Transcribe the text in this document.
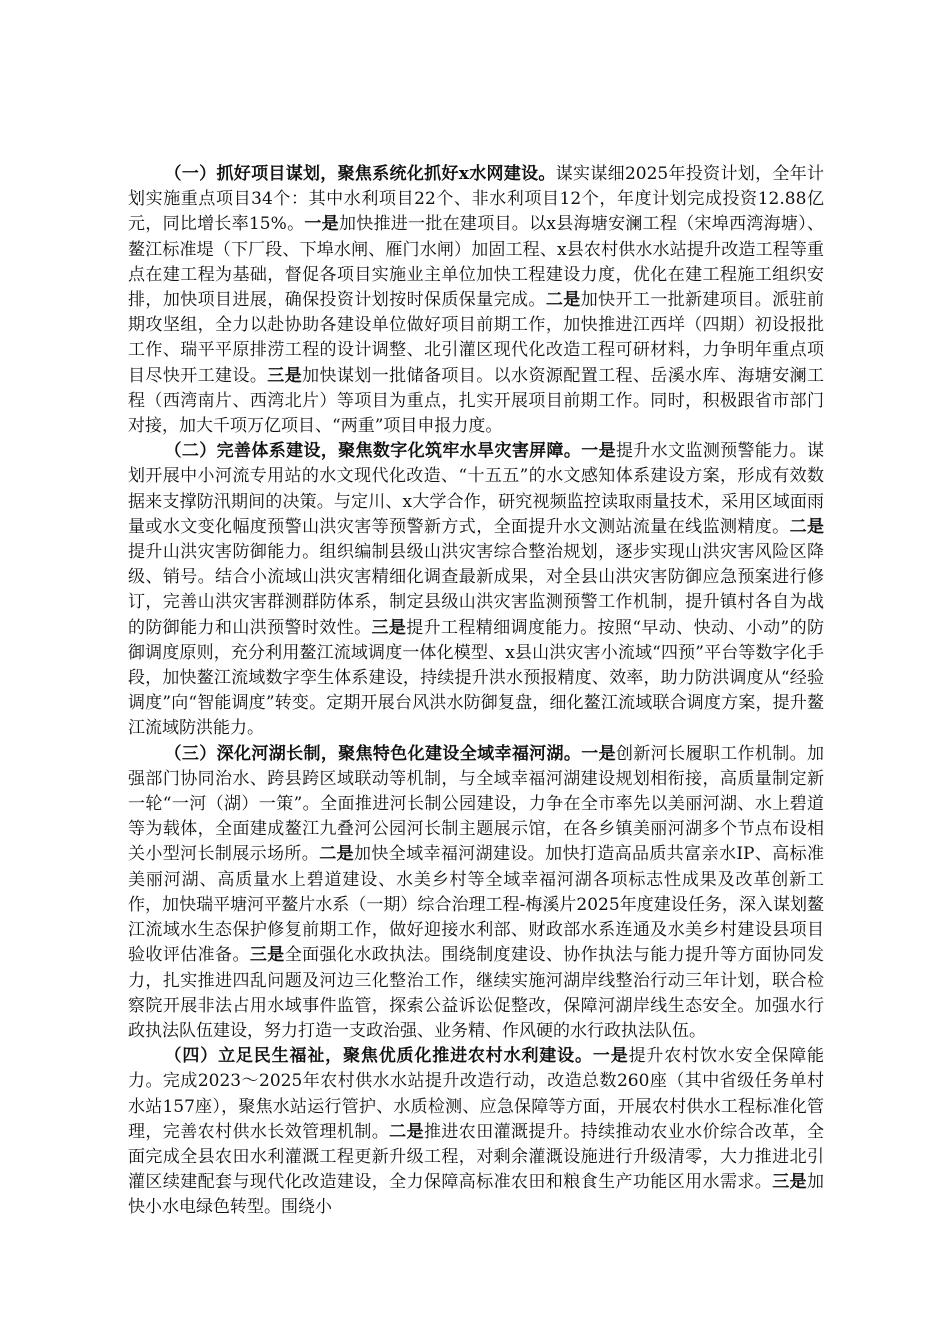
（一）抓好项目谋划，聚焦系统化抓好x水网建设。谋实谋细2025年投资计划，全年计划实施重点项目34个：其中水利项目22个、非水利项目12个，年度计划完成投资12.88亿元，同比增长率15%。一是加快推进一批在建项目。以x县海塘安澜工程（宋埠西湾海塘）、鳌江标准堤（下厂段、下埠水闸、雁门水闸）加固工程、x县农村供水水站提升改造工程等重点在建工程为基础，督促各项目实施业主单位加快工程建设力度，优化在建工程施工组织安排，加快项目进展，确保投资计划按时保质保量完成。二是加快开工一批新建项目。派驻前期攻坚组，全力以赴协助各建设单位做好项目前期工作，加快推进江西垟（四期）初设报批工作、瑞平平原排涝工程的设计调整、北引灌区现代化改造工程可研材料，力争明年重点项目尽快开工建设。三是加快谋划一批储备项目。以水资源配置工程、岳溪水库、海塘安澜工程（西湾南片、西湾北片）等项目为重点，扎实开展项目前期工作。同时，积极跟省市部门对接，加大千项万亿项目、“两重”项目申报力度。

（二）完善体系建设，聚焦数字化筑牢水旱灾害屏障。一是提升水文监测预警能力。谋划开展中小河流专用站的水文现代化改造、“十五五”的水文感知体系建设方案，形成有效数据来支撑防汛期间的决策。与定川、x大学合作，研究视频监控读取雨量技术，采用区域面雨量或水文变化幅度预警山洪灾害等预警新方式，全面提升水文测站流量在线监测精度。二是提升山洪灾害防御能力。组织编制县级山洪灾害综合整治规划，逐步实现山洪灾害风险区降级、销号。结合小流域山洪灾害精细化调查最新成果，对全县山洪灾害防御应急预案进行修订，完善山洪灾害群测群防体系，制定县级山洪灾害监测预警工作机制，提升镇村各自为战的防御能力和山洪预警时效性。三是提升工程精细调度能力。按照“早动、快动、小动”的防御调度原则，充分利用鳌江流域调度一体化模型、x县山洪灾害小流域“四预”平台等数字化手段，加快鳌江流域数字孪生体系建设，持续提升洪水预报精度、效率，助力防洪调度从“经验调度”向“智能调度”转变。定期开展台风洪水防御复盘，细化鳌江流域联合调度方案，提升鳌江流域防洪能力。

（三）深化河湖长制，聚焦特色化建设全域幸福河湖。一是创新河长履职工作机制。加强部门协同治水、跨县跨区域联动等机制，与全域幸福河湖建设规划相衔接，高质量制定新一轮“一河（湖）一策”。全面推进河长制公园建设，力争在全市率先以美丽河湖、水上碧道等为载体，全面建成鳌江九叠河公园河长制主题展示馆，在各乡镇美丽河湖多个节点布设相关小型河长制展示场所。二是加快全域幸福河湖建设。加快打造高品质共富亲水IP、高标准美丽河湖、高质量水上碧道建设、水美乡村等全域幸福河湖各项标志性成果及改革创新工作，加快瑞平塘河平鳌片水系（一期）综合治理工程-梅溪片2025年度建设任务，深入谋划鳌江流域水生态保护修复前期工作，做好迎接水利部、财政部水系连通及水美乡村建设县项目验收评估准备。三是全面强化水政执法。围绕制度建设、协作执法与能力提升等方面协同发力，扎实推进四乱问题及河边三化整治工作，继续实施河湖岸线整治行动三年计划，联合检察院开展非法占用水域事件监管，探索公益诉讼促整改，保障河湖岸线生态安全。加强水行政执法队伍建设，努力打造一支政治强、业务精、作风硬的水行政执法队伍。

（四）立足民生福祉，聚焦优质化推进农村水利建设。一是提升农村饮水安全保障能力。完成2023～2025年农村供水水站提升改造行动，改造总数260座（其中省级任务单村水站157座），聚焦水站运行管护、水质检测、应急保障等方面，开展农村供水工程标准化管理，完善农村供水长效管理机制。二是推进农田灌溉提升。持续推动农业水价综合改革，全面完成全县农田水利灌溉工程更新升级工程，对剩余灌溉设施进行升级清零，大力推进北引灌区续建配套与现代化改造建设，全力保障高标准农田和粮食生产功能区用水需求。三是加快小水电绿色转型。围绕小
